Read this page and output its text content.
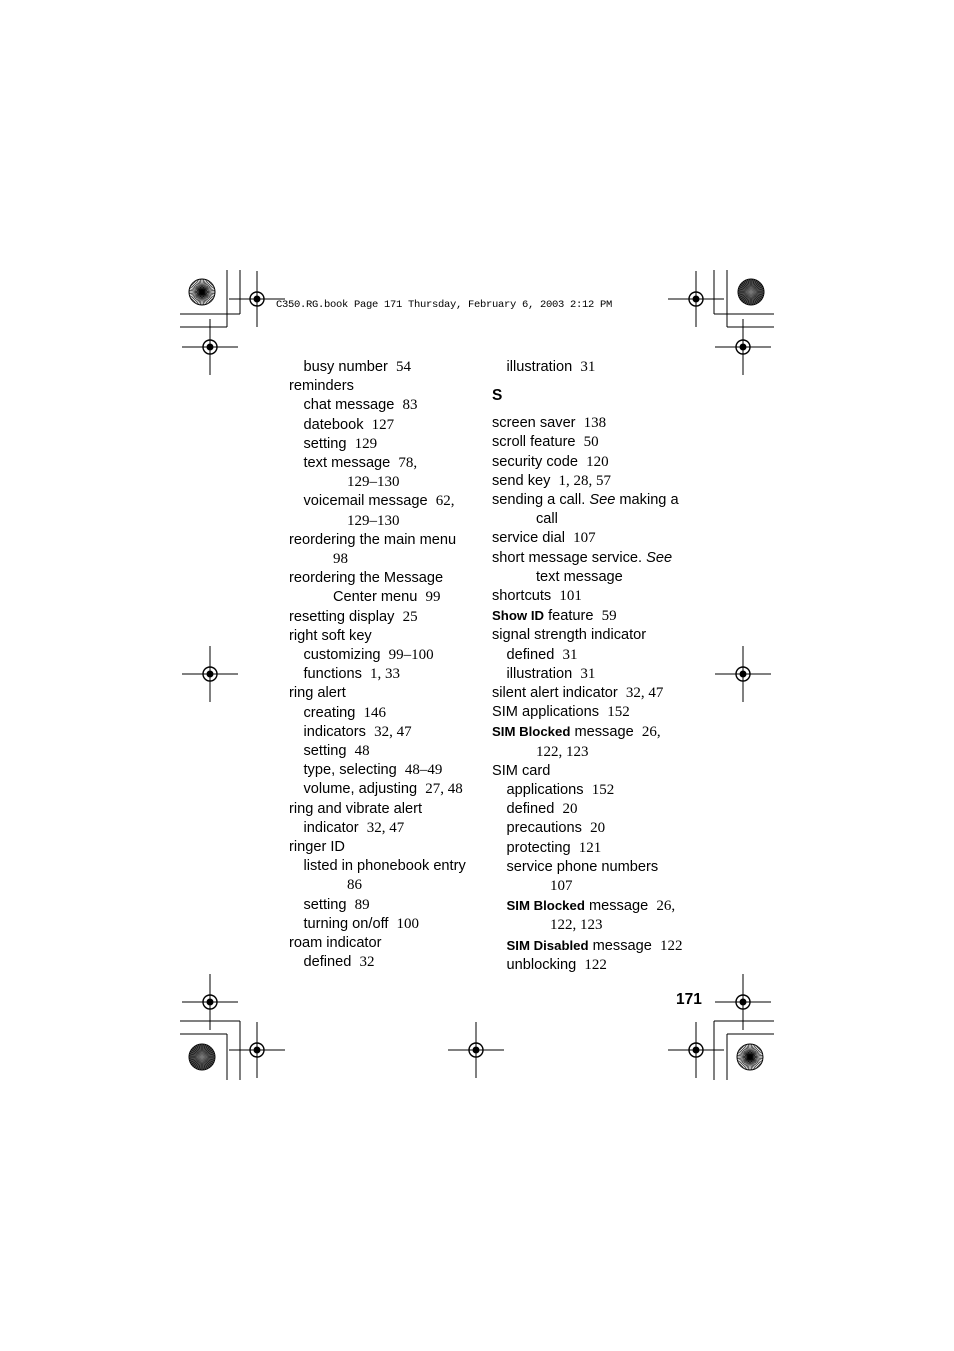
C350.RG.book Page 171 Thursday, February 6, 2003 2:12 PM
busy number 54
reminders
chat message 83
datebook 127
setting 129
text message 78,
129–130
voicemail message 62,
129–130
reordering the main menu
98
reordering the Message
Center menu 99
resetting display 25
right soft key
customizing 99–100
functions 1, 33
ring alert
creating 146
indicators 32, 47
setting 48
type, selecting 48–49
volume, adjusting 27, 48
ring and vibrate alert
indicator 32, 47
ringer ID
listed in phonebook entry
86
setting 89
turning on/off 100
roam indicator
defined 32
illustration 31
S
screen saver 138
scroll feature 50
security code 120
send key 1, 28, 57
sending a call. See making a
call
service dial 107
short message service. See
text message
shortcuts 101
Show ID feature 59
signal strength indicator
defined 31
illustration 31
silent alert indicator 32, 47
SIM applications 152
SIM Blocked message 26,
122, 123
SIM card
applications 152
defined 20
precautions 20
protecting 121
service phone numbers
107
SIM Blocked message 26,
122, 123
SIM Disabled message 122
unblocking 122
171
